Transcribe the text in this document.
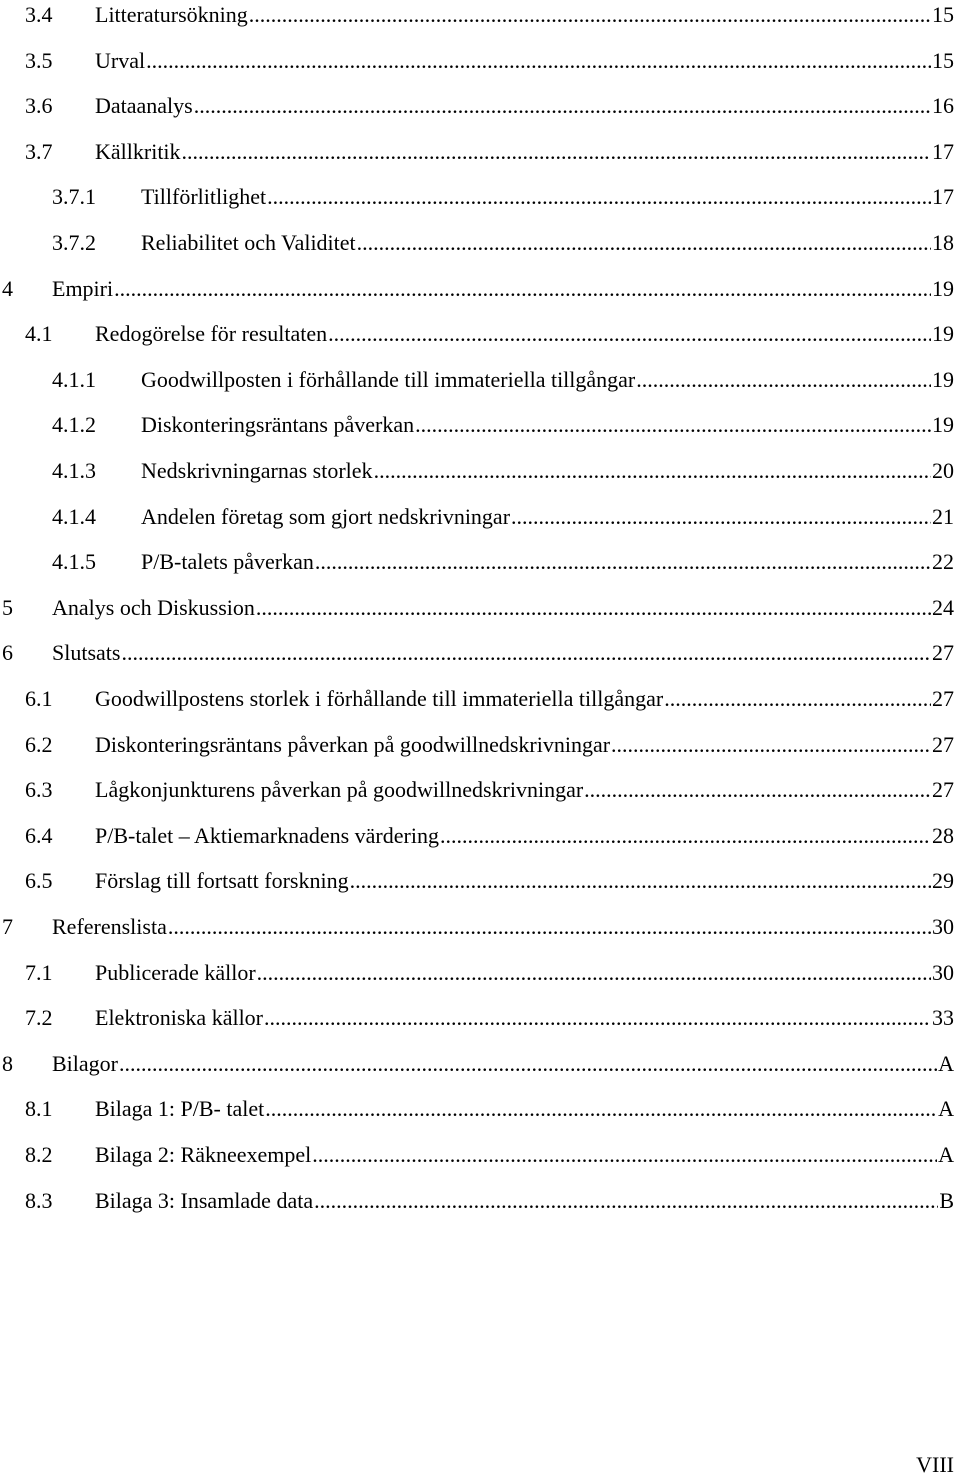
3.4 Litteratursökning .....	15
3.5 Urval .....	15
3.6 Dataanalys .....	16
3.7 Källkritik .....	17
3.7.1 Tillförlitlighet .....	17
3.7.2 Reliabilitet och Validitet .....	18
4 Empiri .....	19
4.1 Redogörelse för resultaten .....	19
4.1.1 Goodwillposten i förhållande till immateriella tillgångar .....	19
4.1.2 Diskonteringsräntans påverkan .....	19
4.1.3 Nedskrivningarnas storlek .....	20
4.1.4 Andelen företag som gjort nedskrivningar .....	21
4.1.5 P/B-talets påverkan .....	22
5 Analys och Diskussion .....	24
6 Slutsats .....	27
6.1 Goodwillpostens storlek i förhållande till immateriella tillgångar .....	27
6.2 Diskonteringsräntans påverkan på goodwillnedskrivningar .....	27
6.3 Lågkonjunkturens påverkan på goodwillnedskrivningar .....	27
6.4 P/B-talet – Aktiemarknadens värdering .....	28
6.5 Förslag till fortsatt forskning .....	29
7 Referenslista .....	30
7.1 Publicerade källor .....	30
7.2 Elektroniska källor .....	33
8 Bilagor .....	A
8.1 Bilaga 1: P/B- talet .....	A
8.2 Bilaga 2: Räkneexempel .....	A
8.3 Bilaga 3: Insamlade data .....	B
VIII
